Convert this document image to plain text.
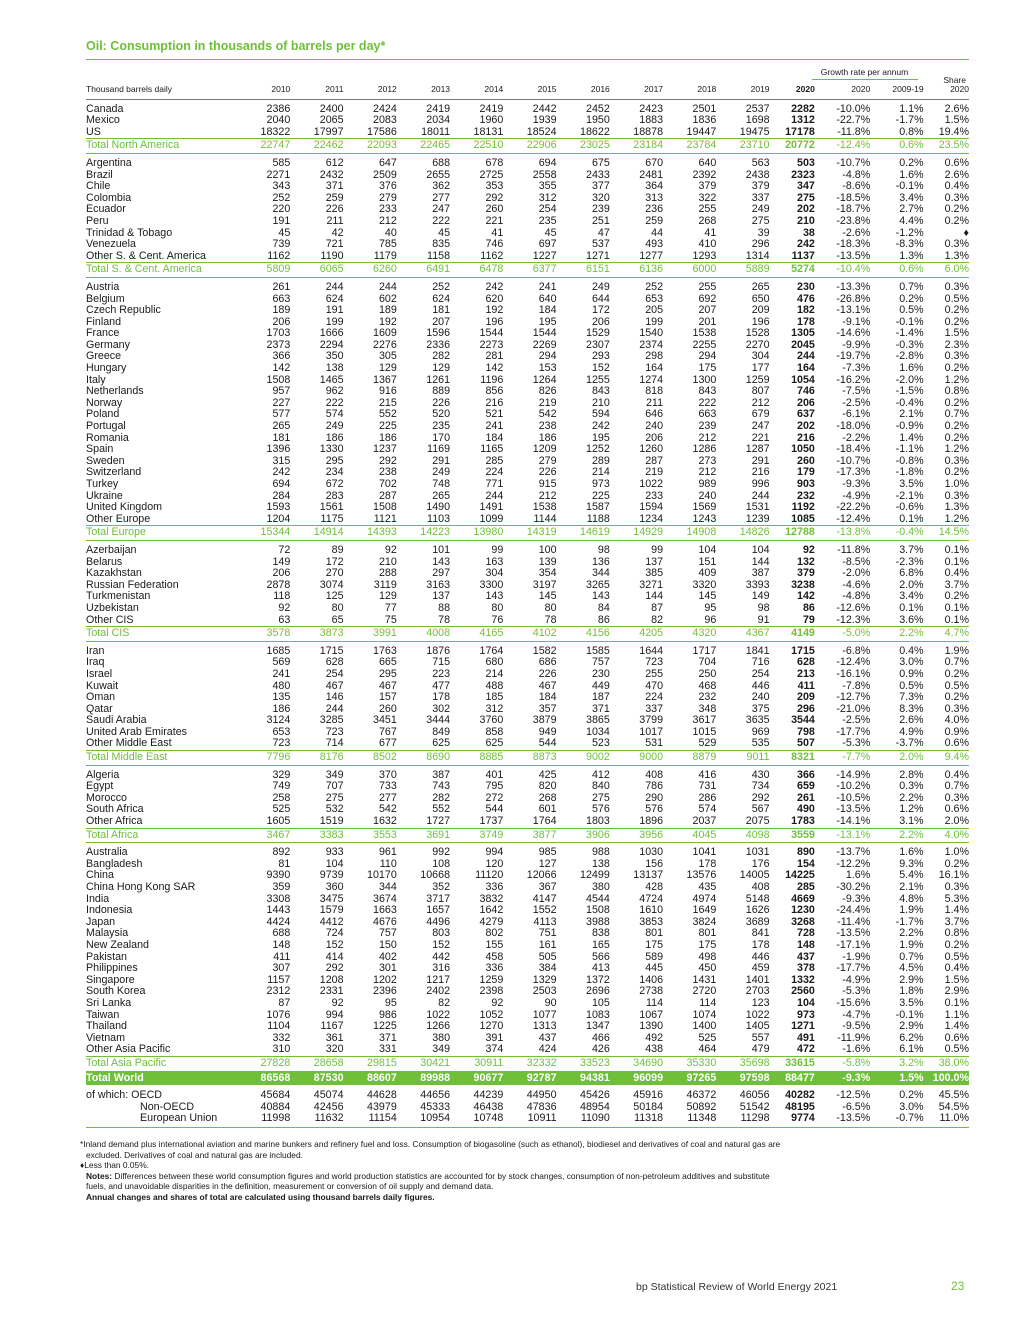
Oil: Consumption in thousands of barrels per day*
Growth rate per annum
Share
Thousand barrels daily	2010	2011	2012	2013	2014	2015	2016	2017	2018	2019	2020	2020	2009-19	2020
Canada	2386	2400	2424	2419	2419	2442	2452	2423	2501	2537	2282	-10.0%	1.1%	2.6%
Mexico	2040	2065	2083	2034	1960	1939	1950	1883	1836	1698	1312	-22.7%	-1.7%	1.5%
US	18322	17997	17586	18011	18131	18524	18622	18878	19447	19475	17178	-11.8%	0.8%	19.4%
Total North America	22747	22462	22093	22465	22510	22906	23025	23184	23784	23710	20772	-12.4%	0.6%	23.5%
Argentina	585	612	647	688	678	694	675	670	640	563	503	-10.7%	0.2%	0.6%
Brazil	2271	2432	2509	2655	2725	2558	2433	2481	2392	2438	2323	-4.8%	1.6%	2.6%
Chile	343	371	376	362	353	355	377	364	379	379	347	-8.6%	-0.1%	0.4%
Colombia	252	259	279	277	292	312	320	313	322	337	275	-18.5%	3.4%	0.3%
Ecuador	220	226	233	247	260	254	239	236	255	249	202	-18.7%	2.7%	0.2%
Peru	191	211	212	222	221	235	251	259	268	275	210	-23.8%	4.4%	0.2%
Trinidad & Tobago	45	42	40	45	41	45	47	44	41	39	38	-2.6%	-1.2%	♦
Venezuela	739	721	785	835	746	697	537	493	410	296	242	-18.3%	-8.3%	0.3%
Other S. & Cent. America	1162	1190	1179	1158	1162	1227	1271	1277	1293	1314	1137	-13.5%	1.3%	1.3%
Total S. & Cent. America	5809	6065	6260	6491	6478	6377	6151	6136	6000	5889	5274	-10.4%	0.6%	6.0%
Austria	261	244	244	252	242	241	249	252	255	265	230	-13.3%	0.7%	0.3%
Belgium	663	624	602	624	620	640	644	653	692	650	476	-26.8%	0.2%	0.5%
Czech Republic	189	191	189	181	192	184	172	205	207	209	182	-13.1%	0.5%	0.2%
Finland	206	199	192	207	196	195	206	199	201	196	178	-9.1%	-0.1%	0.2%
France	1703	1666	1609	1596	1544	1544	1529	1540	1538	1528	1305	-14.6%	-1.4%	1.5%
Germany	2373	2294	2276	2336	2273	2269	2307	2374	2255	2270	2045	-9.9%	-0.3%	2.3%
Greece	366	350	305	282	281	294	293	298	294	304	244	-19.7%	-2.8%	0.3%
Hungary	142	138	129	129	142	153	152	164	175	177	164	-7.3%	1.6%	0.2%
Italy	1508	1465	1367	1261	1196	1264	1255	1274	1300	1259	1054	-16.2%	-2.0%	1.2%
Netherlands	957	962	916	889	856	826	843	818	843	807	746	-7.5%	-1.5%	0.8%
Norway	227	222	215	226	216	219	210	211	222	212	206	-2.5%	-0.4%	0.2%
Poland	577	574	552	520	521	542	594	646	663	679	637	-6.1%	2.1%	0.7%
Portugal	265	249	225	235	241	238	242	240	239	247	202	-18.0%	-0.9%	0.2%
Romania	181	186	186	170	184	186	195	206	212	221	216	-2.2%	1.4%	0.2%
Spain	1396	1330	1237	1169	1165	1209	1252	1260	1286	1287	1050	-18.4%	-1.1%	1.2%
Sweden	315	295	292	291	285	279	289	287	273	291	260	-10.7%	-0.8%	0.3%
Switzerland	242	234	238	249	224	226	214	219	212	216	179	-17.3%	-1.8%	0.2%
Turkey	694	672	702	748	771	915	973	1022	989	996	903	-9.3%	3.5%	1.0%
Ukraine	284	283	287	265	244	212	225	233	240	244	232	-4.9%	-2.1%	0.3%
United Kingdom	1593	1561	1508	1490	1491	1538	1587	1594	1569	1531	1192	-22.2%	-0.6%	1.3%
Other Europe	1204	1175	1121	1103	1099	1144	1188	1234	1243	1239	1085	-12.4%	0.1%	1.2%
Total Europe	15344	14914	14393	14223	13980	14319	14619	14929	14908	14826	12788	-13.8%	-0.4%	14.5%
Azerbaijan	72	89	92	101	99	100	98	99	104	104	92	-11.8%	3.7%	0.1%
Belarus	149	172	210	143	163	139	136	137	151	144	132	-8.5%	-2.3%	0.1%
Kazakhstan	206	270	288	297	304	354	344	385	409	387	379	-2.0%	6.8%	0.4%
Russian Federation	2878	3074	3119	3163	3300	3197	3265	3271	3320	3393	3238	-4.6%	2.0%	3.7%
Turkmenistan	118	125	129	137	143	145	143	144	145	149	142	-4.8%	3.4%	0.2%
Uzbekistan	92	80	77	88	80	80	84	87	95	98	86	-12.6%	0.1%	0.1%
Other CIS	63	65	75	78	76	78	86	82	96	91	79	-12.3%	3.6%	0.1%
Total CIS	3578	3873	3991	4008	4165	4102	4156	4205	4320	4367	4149	-5.0%	2.2%	4.7%
Iran	1685	1715	1763	1876	1764	1582	1585	1644	1717	1841	1715	-6.8%	0.4%	1.9%
Iraq	569	628	665	715	680	686	757	723	704	716	628	-12.4%	3.0%	0.7%
Israel	241	254	295	223	214	226	230	255	250	254	213	-16.1%	0.9%	0.2%
Kuwait	480	467	467	477	488	467	449	470	468	446	411	-7.8%	0.5%	0.5%
Oman	135	146	157	178	185	184	187	224	232	240	209	-12.7%	7.3%	0.2%
Qatar	186	244	260	302	312	357	371	337	348	375	296	-21.0%	8.3%	0.3%
Saudi Arabia	3124	3285	3451	3444	3760	3879	3865	3799	3617	3635	3544	-2.5%	2.6%	4.0%
United Arab Emirates	653	723	767	849	858	949	1034	1017	1015	969	798	-17.7%	4.9%	0.9%
Other Middle East	723	714	677	625	625	544	523	531	529	535	507	-5.3%	-3.7%	0.6%
Total Middle East	7796	8176	8502	8690	8885	8873	9002	9000	8879	9011	8321	-7.7%	2.0%	9.4%
Algeria	329	349	370	387	401	425	412	408	416	430	366	-14.9%	2.8%	0.4%
Egypt	749	707	733	743	795	820	840	786	731	734	659	-10.2%	0.3%	0.7%
Morocco	258	275	277	282	272	268	275	290	286	292	261	-10.5%	2.2%	0.3%
South Africa	525	532	542	552	544	601	576	576	574	567	490	-13.5%	1.2%	0.6%
Other Africa	1605	1519	1632	1727	1737	1764	1803	1896	2037	2075	1783	-14.1%	3.1%	2.0%
Total Africa	3467	3383	3553	3691	3749	3877	3906	3956	4045	4098	3559	-13.1%	2.2%	4.0%
Australia	892	933	961	992	994	985	988	1030	1041	1031	890	-13.7%	1.6%	1.0%
Bangladesh	81	104	110	108	120	127	138	156	178	176	154	-12.2%	9.3%	0.2%
China	9390	9739	10170	10668	11120	12066	12499	13137	13576	14005	14225	1.6%	5.4%	16.1%
China Hong Kong SAR	359	360	344	352	336	367	380	428	435	408	285	-30.2%	2.1%	0.3%
India	3308	3475	3674	3717	3832	4147	4544	4724	4974	5148	4669	-9.3%	4.8%	5.3%
Indonesia	1443	1579	1663	1657	1642	1552	1508	1610	1649	1626	1230	-24.4%	1.9%	1.4%
Japan	4424	4412	4676	4496	4279	4113	3988	3853	3824	3689	3268	-11.4%	-1.7%	3.7%
Malaysia	688	724	757	803	802	751	838	801	801	841	728	-13.5%	2.2%	0.8%
New Zealand	148	152	150	152	155	161	165	175	175	178	148	-17.1%	1.9%	0.2%
Pakistan	411	414	402	442	458	505	566	589	498	446	437	-1.9%	0.7%	0.5%
Philippines	307	292	301	316	336	384	413	445	450	459	378	-17.7%	4.5%	0.4%
Singapore	1157	1208	1202	1217	1259	1329	1372	1406	1431	1401	1332	-4.9%	2.9%	1.5%
South Korea	2312	2331	2396	2402	2398	2503	2696	2738	2720	2703	2560	-5.3%	1.8%	2.9%
Sri Lanka	87	92	95	82	92	90	105	114	114	123	104	-15.6%	3.5%	0.1%
Taiwan	1076	994	986	1022	1052	1077	1083	1067	1074	1022	973	-4.7%	-0.1%	1.1%
Thailand	1104	1167	1225	1266	1270	1313	1347	1390	1400	1405	1271	-9.5%	2.9%	1.4%
Vietnam	332	361	371	380	391	437	466	492	525	557	491	-11.9%	6.2%	0.6%
Other Asia Pacific	310	320	331	349	374	424	426	438	464	479	472	-1.6%	6.1%	0.5%
Total Asia Pacific	27828	28658	29815	30421	30911	32332	33523	34690	35330	35698	33615	-5.8%	3.2%	38.0%
Total World	86568	87530	88607	89988	90677	92787	94381	96099	97265	97598	88477	-9.3%	1.5%	100.0%
of which: OECD	45684	45074	44628	44656	44239	44950	45426	45916	46372	46056	40282	-12.5%	0.2%	45.5%
Non-OECD	40884	42456	43979	45333	46438	47836	48954	50184	50892	51542	48195	-6.5%	3.0%	54.5%
European Union	11998	11632	11154	10954	10748	10911	11090	11318	11348	11298	9774	-13.5%	-0.7%	11.0%

*Inland demand plus international aviation and marine bunkers and refinery fuel and loss. Consumption of biogasoline (such as ethanol), biodiesel and derivatives of coal and natural gas are

excluded. Derivatives of coal and natural gas are included.

♦Less than 0.05%.

Notes: Differences between these world consumption figures and world production statistics are accounted for by stock changes, consumption of non-petroleum additives and substitute

fuels, and unavoidable disparities in the definition, measurement or conversion of oil supply and demand data.

Annual changes and shares of total are calculated using thousand barrels daily figures.

bp Statistical Review of World Energy 2021	23
